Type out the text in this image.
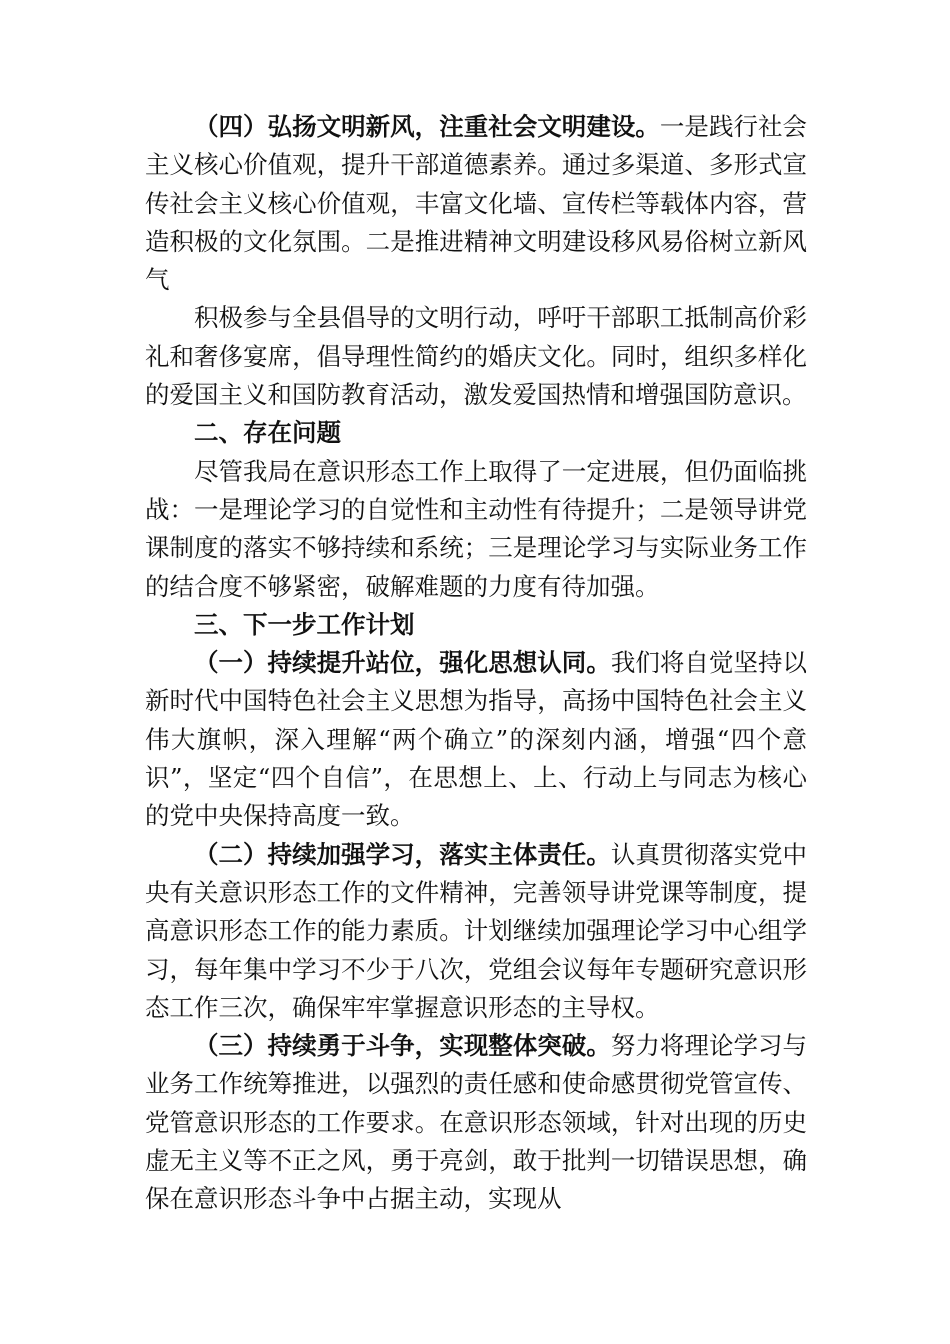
（四）弘扬文明新风，注重社会文明建设。一是践行社会主义核心价值观，提升干部道德素养。通过多渠道、多形式宣传社会主义核心价值观，丰富文化墙、宣传栏等载体内容，营造积极的文化氛围。二是推进精神文明建设移风易俗树立新风气

积极参与全县倡导的文明行动，呼吁干部职工抵制高价彩礼和奢侈宴席，倡导理性简约的婚庆文化。同时，组织多样化的爱国主义和国防教育活动，激发爱国热情和增强国防意识。

二、存在问题

尽管我局在意识形态工作上取得了一定进展，但仍面临挑战：一是理论学习的自觉性和主动性有待提升；二是领导讲党课制度的落实不够持续和系统；三是理论学习与实际业务工作的结合度不够紧密，破解难题的力度有待加强。

三、下一步工作计划

（一）持续提升站位，强化思想认同。我们将自觉坚持以新时代中国特色社会主义思想为指导，高扬中国特色社会主义伟大旗帜，深入理解“两个确立”的深刻内涵，增强“四个意识”，坚定“四个自信”，在思想上、上、行动上与同志为核心的党中央保持高度一致。

（二）持续加强学习，落实主体责任。认真贯彻落实党中央有关意识形态工作的文件精神，完善领导讲党课等制度，提高意识形态工作的能力素质。计划继续加强理论学习中心组学习，每年集中学习不少于八次，党组会议每年专题研究意识形态工作三次，确保牢牢掌握意识形态的主导权。

（三）持续勇于斗争，实现整体突破。努力将理论学习与业务工作统筹推进，以强烈的责任感和使命感贯彻党管宣传、党管意识形态的工作要求。在意识形态领域，针对出现的历史虚无主义等不正之风，勇于亮剑，敢于批判一切错误思想，确保在意识形态斗争中占据主动，实现从
